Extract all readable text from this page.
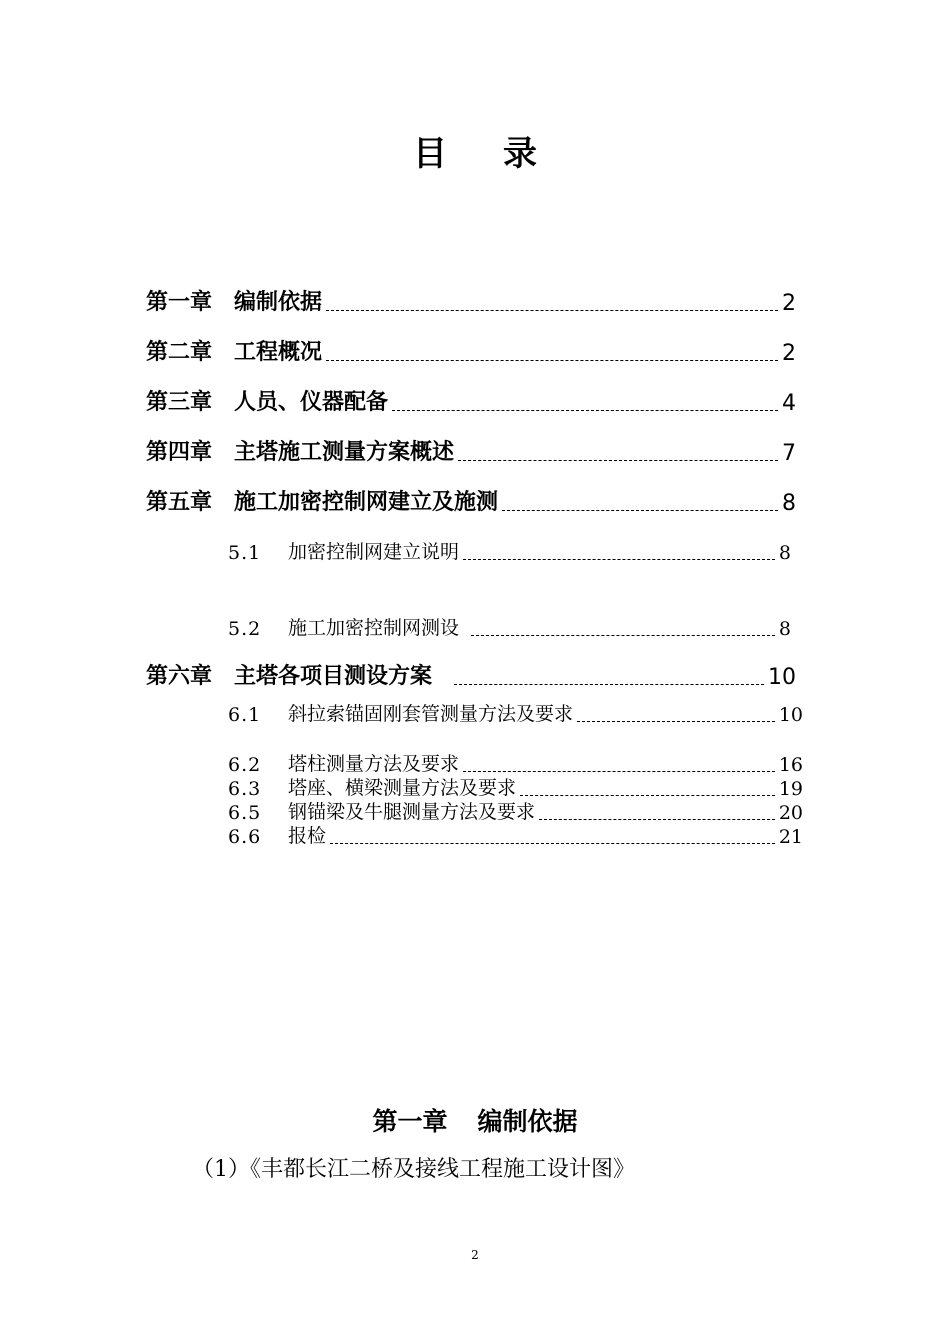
目录
第一章 编制依据	2
第二章 工程概况	2
第三章 人员、仪器配备	4
第四章 主塔施工测量方案概述	7
第五章 施工加密控制网建立及施测	8
5.1	加密控制网建立说明	8
5.2	施工加密控制网测设	8
第六章 主塔各项目测设方案	10
6.1	斜拉索锚固刚套管测量方法及要求	10
6.2	塔柱测量方法及要求	16
6.3	塔座、横梁测量方法及要求	19
6.5	钢锚梁及牛腿测量方法及要求	20
6.6	报检	21
第一章 编制依据
（1）《丰都长江二桥及接线工程施工设计图》
2
